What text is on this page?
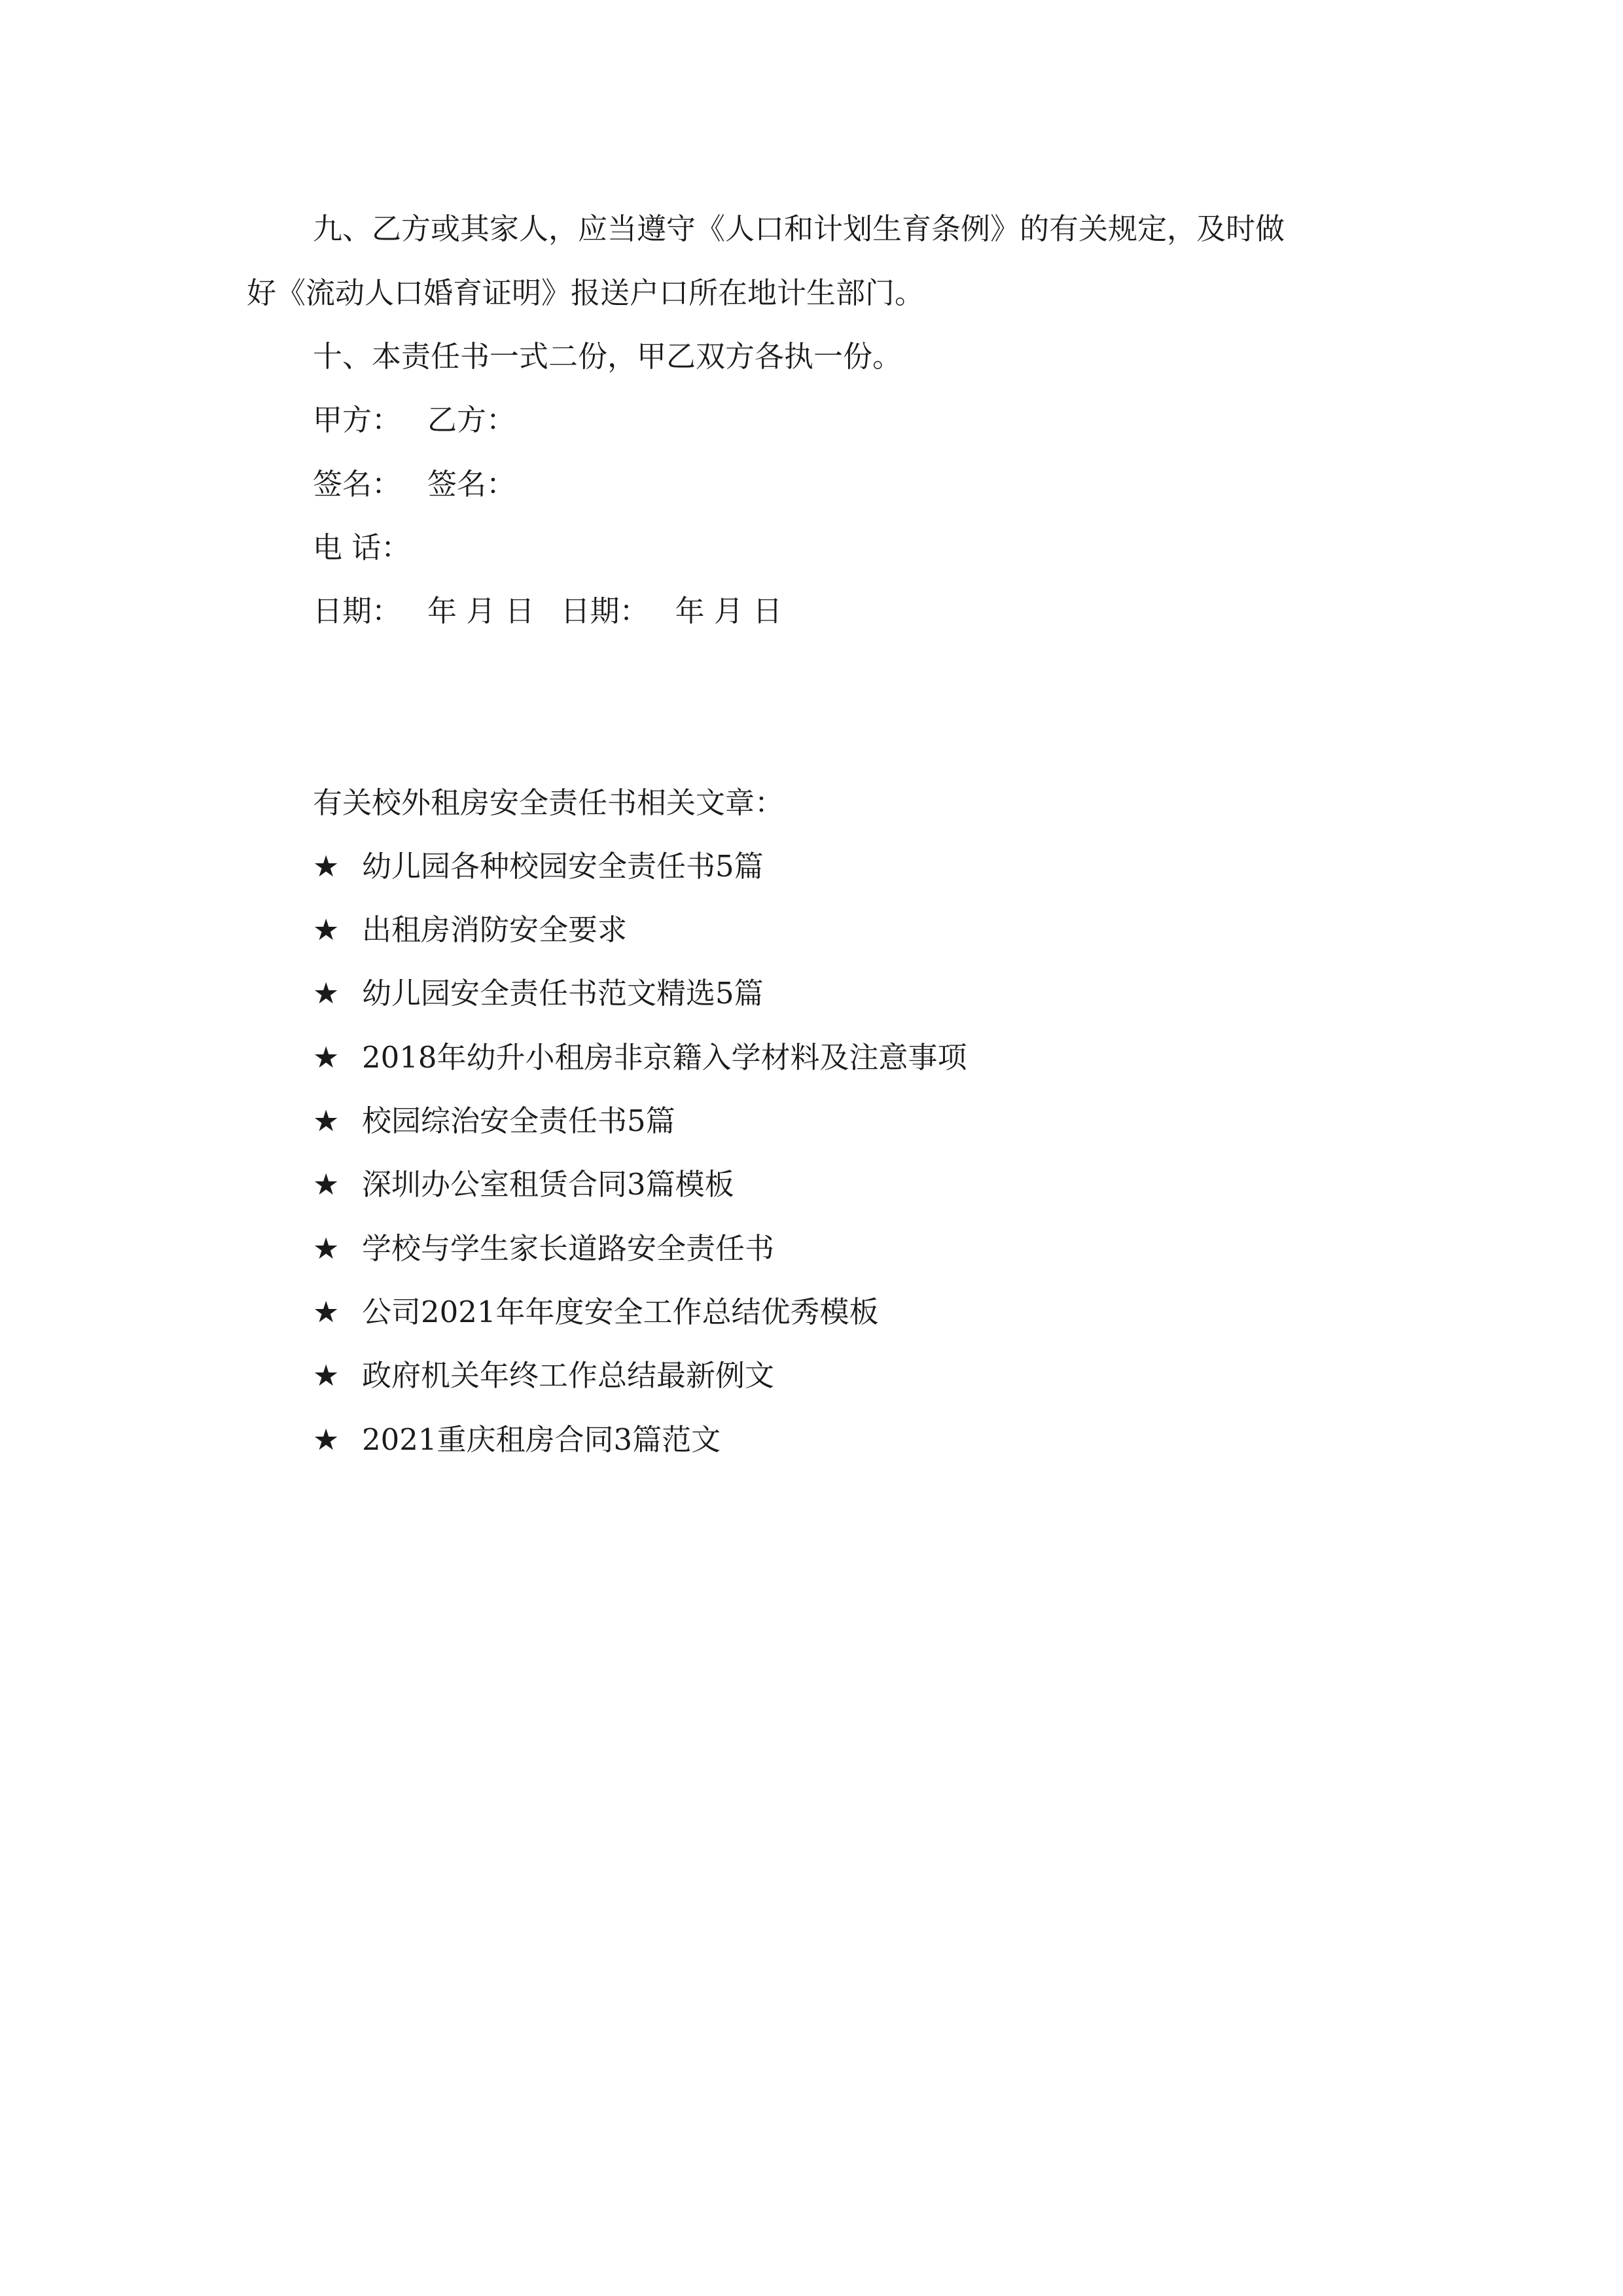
九、乙方或其家人，应当遵守《人口和计划生育条例》的有关规定，及时做
好《流动人口婚育证明》报送户口所在地计生部门。
十、本责任书一式二份，甲乙双方各执一份。
甲方： 乙方：
签名： 签名：
电 话：
日期： 年 月 日 日期： 年 月 日
有关校外租房安全责任书相关文章：
★ 幼儿园各种校园安全责任书5篇
★ 出租房消防安全要求
★ 幼儿园安全责任书范文精选5篇
★ 2018年幼升小租房非京籍入学材料及注意事项
★ 校园综治安全责任书5篇
★ 深圳办公室租赁合同3篇模板
★ 学校与学生家长道路安全责任书
★ 公司2021年年度安全工作总结优秀模板
★ 政府机关年终工作总结最新例文
★ 2021重庆租房合同3篇范文
